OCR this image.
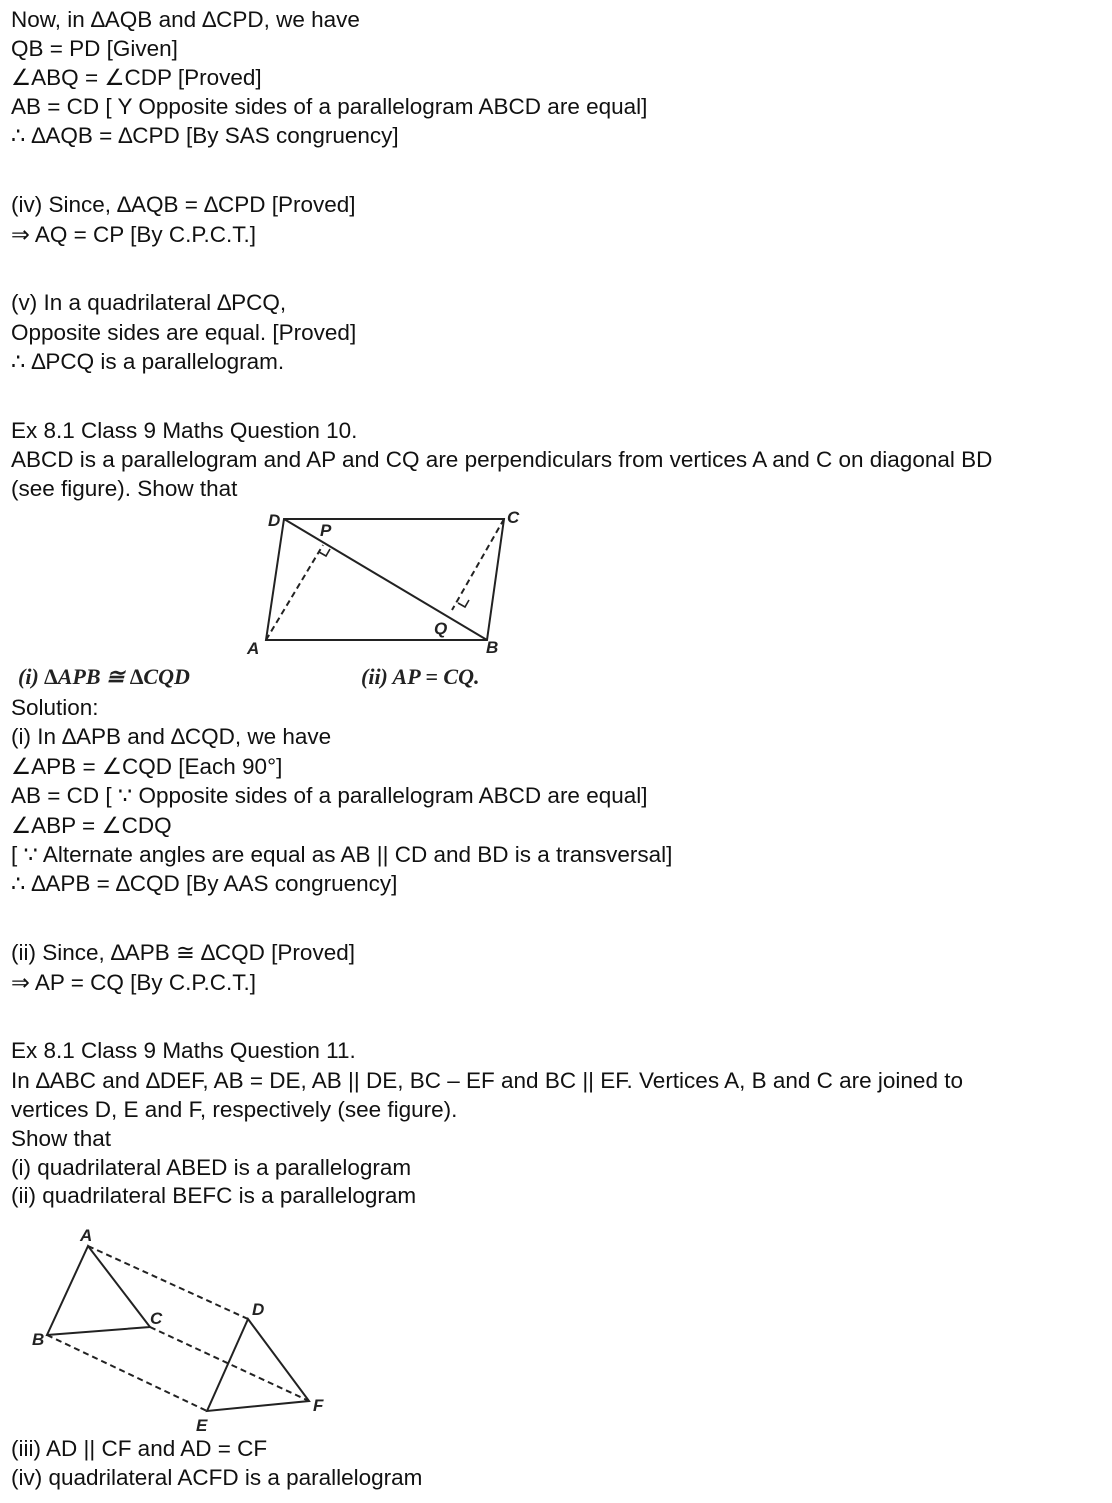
Now, in ∆AQB and ∆CPD, we have
QB = PD [Given]
∠ABQ = ∠CDP [Proved]
AB = CD [ Y Opposite sides of a parallelogram ABCD are equal]
∴ ∆AQB = ∆CPD [By SAS congruency]
(iv) Since, ∆AQB = ∆CPD [Proved]
⇒ AQ = CP [By C.P.C.T.]
(v) In a quadrilateral ∆PCQ,
Opposite sides are equal. [Proved]
∴ ∆PCQ is a parallelogram.
Ex 8.1 Class 9 Maths Question 10.
ABCD is a parallelogram and AP and CQ are perpendiculars from vertices A and C on diagonal BD
(see figure). Show that
D
P
C
Q
B
A
(i) ∆APB ≅ ∆CQD	(ii) AP = CQ.
Solution:
(i) In ∆APB and ∆CQD, we have
∠APB = ∠CQD [Each 90°]
AB = CD [ ∵ Opposite sides of a parallelogram ABCD are equal]
∠ABP = ∠CDQ
[ ∵ Alternate angles are equal as AB || CD and BD is a transversal]
∴ ∆APB = ∆CQD [By AAS congruency]
(ii) Since, ∆APB ≅ ∆CQD [Proved]
⇒ AP = CQ [By C.P.C.T.]
Ex 8.1 Class 9 Maths Question 11.
In ∆ABC and ∆DEF, AB = DE, AB || DE, BC – EF and BC || EF. Vertices A, B and C are joined to
vertices D, E and F, respectively (see figure).
Show that
(i) quadrilateral ABED is a parallelogram
(ii) quadrilateral BEFC is a parallelogram
A
B
C	D
E
F
(iii) AD || CF and AD = CF
(iv) quadrilateral ACFD is a parallelogram
